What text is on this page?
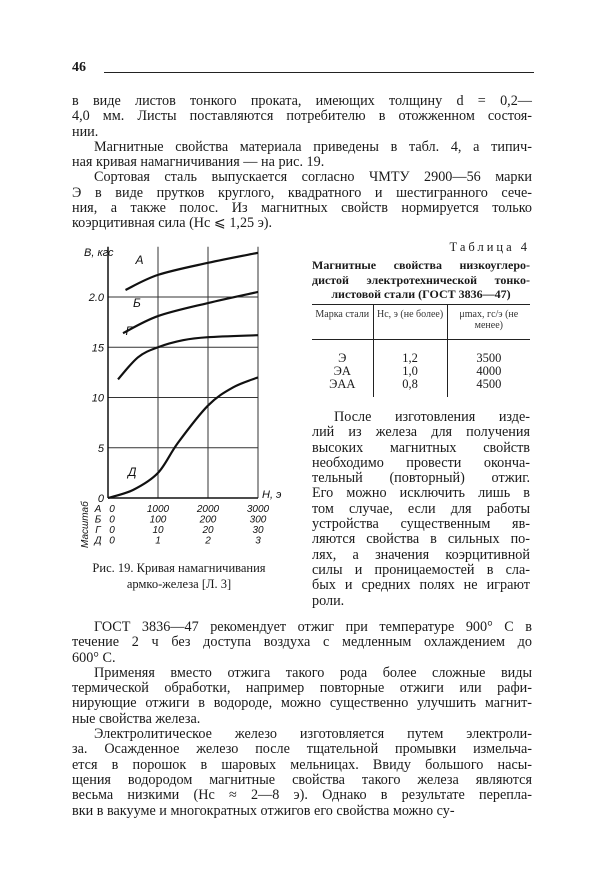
46
в виде листов тонкого проката, имеющих толщину d = 0,2—
4,0 мм. Листы поставляются потребителю в отожженном состоя-
нии.
Магнитные свойства материала приведены в табл. 4, а типич-
ная кривая намагничивания — на рис. 19.
Сортовая сталь выпускается согласно ЧМТУ 2900—56 марки
Э в виде прутков круглого, квадратного и шестигранного сече-
ния, а также полос. Из магнитных свойств нормируется только
коэрцитивная сила (Hc ⩽ 1,25 э).
0
5
10
15
2.0
B, кгс
H, э
А 0	1000	2000	3000
Б 0	100	200	300
Г 0	10	20	30
Д 0	1	2	3
Масштаб
А
Б
Г
Д
Рис. 19. Кривая намагничивания
армко-железа [Л. 3]
Таблица 4
Магнитные свойства низкоуглеро-
дистой электротехнической тонко-
листовой стали (ГОСТ 3836—47)
Марка стали	Hc, э (не более)	μmax, гс/э (не менее)
Э	1,2	3500
ЭА	1,0	4000
ЭАА	0,8	4500
После изготовления изде-
лий из железа для получения
высоких магнитных свойств
необходимо провести оконча-
тельный (повторный) отжиг.
Его можно исключить лишь в
том случае, если для работы
устройства существенным яв-
ляются свойства в сильных по-
лях, а значения коэрцитивной
силы и проницаемостей в сла-
бых и средних полях не играют
роли.
ГОСТ 3836—47 рекомендует отжиг при температуре 900° С в
течение 2 ч без доступа воздуха с медленным охлаждением до
600° С.
Применяя вместо отжига такого рода более сложные виды
термической обработки, например повторные отжиги или рафи-
нирующие отжиги в водороде, можно существенно улучшить магнит-
ные свойства железа.
Электролитическое железо изготовляется путем электроли-
за. Осажденное железо после тщательной промывки измельча-
ется в порошок в шаровых мельницах. Ввиду большого насы-
щения водородом магнитные свойства такого железа являются
весьма низкими (Hc ≈ 2—8 э). Однако в результате перепла-
вки в вакууме и многократных отжигов его свойства можно су-
